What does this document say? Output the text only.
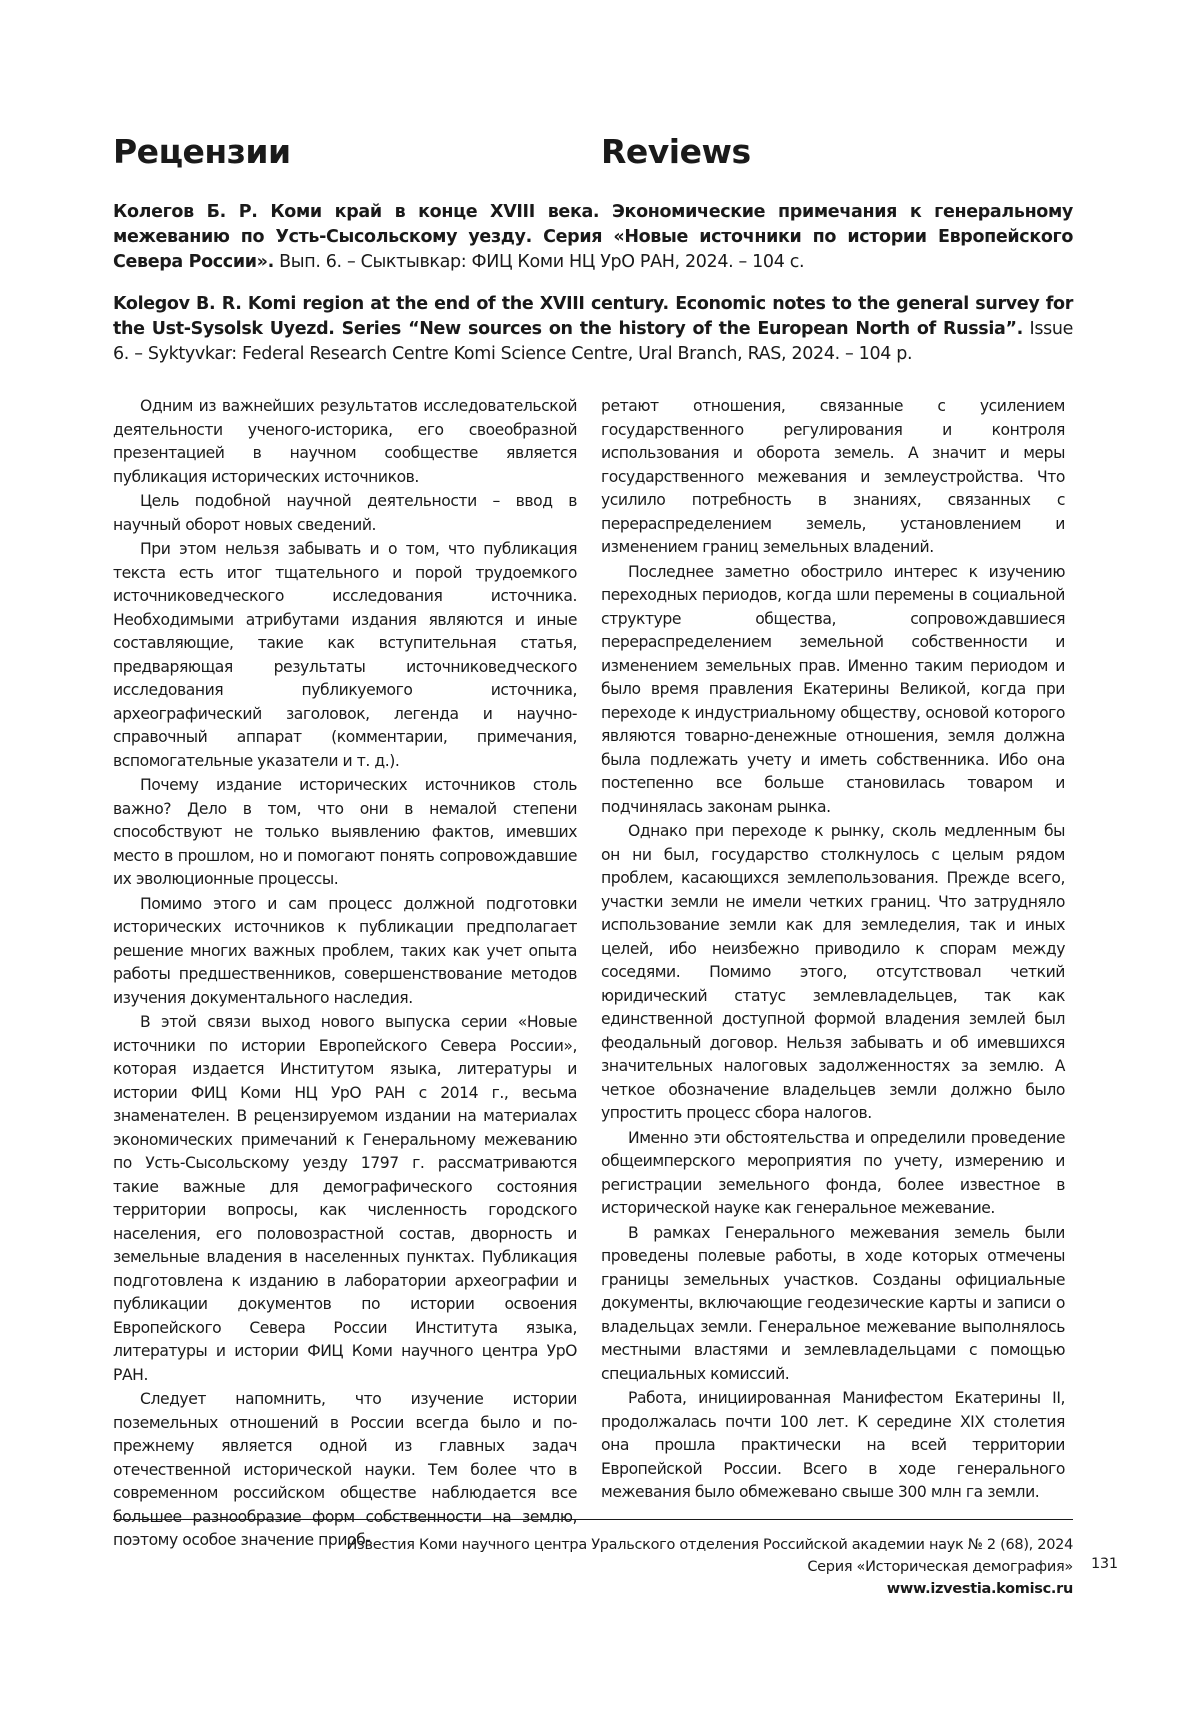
Рецензии	Reviews

Колегов Б. Р. Коми край в конце XVIII века. Экономические примечания к генеральному межеванию по Усть-Сысольскому уезду. Серия «Новые источники по истории Европейского Севера России». Вып. 6. – Сыктывкар: ФИЦ Коми НЦ УрО РАН, 2024. – 104 с.

Kolegov B. R. Komi region at the end of the XVIII century. Economic notes to the general survey for the Ust-Sysolsk Uyezd. Series “New sources on the history of the European North of Russia”. Issue 6. – Syktyvkar: Federal Research Centre Komi Science Centre, Ural Branch, RAS, 2024. – 104 p.

Одним из важнейших результатов исследовательской деятельности ученого-историка, его своеобразной презентацией в научном сообществе является публикация исторических источников.

Цель подобной научной деятельности – ввод в научный оборот новых сведений.

При этом нельзя забывать и о том, что публикация текста есть итог тщательного и порой трудоемкого источниковедческого исследования источника. Необходимыми атрибутами издания являются и иные составляющие, такие как вступительная статья, предваряющая результаты источниковедческого исследования публикуемого источника, археографический заголовок, легенда и научно-справочный аппарат (комментарии, примечания, вспомогательные указатели и т. д.).

Почему издание исторических источников столь важно? Дело в том, что они в немалой степени способствуют не только выявлению фактов, имевших место в прошлом, но и помогают понять сопровождавшие их эволюционные процессы.

Помимо этого и сам процесс должной подготовки исторических источников к публикации предполагает решение многих важных проблем, таких как учет опыта работы предшественников, совершенствование методов изучения документального наследия.

В этой связи выход нового выпуска серии «Новые источники по истории Европейского Севера России», которая издается Институтом языка, литературы и истории ФИЦ Коми НЦ УрО РАН с 2014 г., весьма знаменателен. В рецензируемом издании на материалах экономических примечаний к Генеральному межеванию по Усть-Сысольскому уезду 1797 г. рассматриваются такие важные для демографического состояния территории вопросы, как численность городского населения, его половозрастной состав, дворность и земельные владения в населенных пунктах. Публикация подготовлена к изданию в лаборатории археографии и публикации документов по истории освоения Европейского Севера России Института языка, литературы и истории ФИЦ Коми научного центра УрО РАН.

Следует напомнить, что изучение истории поземельных отношений в России всегда было и по-прежнему является одной из главных задач отечественной исторической науки. Тем более что в современном российском обществе наблюдается все большее разнообразие форм собственности на землю, поэтому особое значение приоб-

ретают отношения, связанные с усилением государственного регулирования и контроля использования и оборота земель. А значит и меры государственного межевания и землеустройства. Что усилило потребность в знаниях, связанных с перераспределением земель, установлением и изменением границ земельных владений.

Последнее заметно обострило интерес к изучению переходных периодов, когда шли перемены в социальной структуре общества, сопровождавшиеся перераспределением земельной собственности и изменением земельных прав. Именно таким периодом и было время правления Екатерины Великой, когда при переходе к индустриальному обществу, основой которого являются товарно-денежные отношения, земля должна была подлежать учету и иметь собственника. Ибо она постепенно все больше становилась товаром и подчинялась законам рынка.

Однако при переходе к рынку, сколь медленным бы он ни был, государство столкнулось с целым рядом проблем, касающихся землепользования. Прежде всего, участки земли не имели четких границ. Что затрудняло использование земли как для земледелия, так и иных целей, ибо неизбежно приводило к спорам между соседями. Помимо этого, отсутствовал четкий юридический статус землевладельцев, так как единственной доступной формой владения землей был феодальный договор. Нельзя забывать и об имевшихся значительных налоговых задолженностях за землю. А четкое обозначение владельцев земли должно было упростить процесс сбора налогов.

Именно эти обстоятельства и определили проведение общеимперского мероприятия по учету, измерению и регистрации земельного фонда, более известное в исторической науке как генеральное межевание.

В рамках Генерального межевания земель были проведены полевые работы, в ходе которых отмечены границы земельных участков. Созданы официальные документы, включающие геодезические карты и записи о владельцах земли. Генеральное межевание выполнялось местными властями и землевладельцами с помощью специальных комиссий.

Работа, инициированная Манифестом Екатерины II, продолжалась почти 100 лет. К середине XIX столетия она прошла практически на всей территории Европейской России. Всего в ходе генерального межевания было обмежевано свыше 300 млн га земли.

Известия Коми научного центра Уральского отделения Российской академии наук № 2 (68), 2024
Серия «Историческая демография»
www.izvestia.komisc.ru
131
